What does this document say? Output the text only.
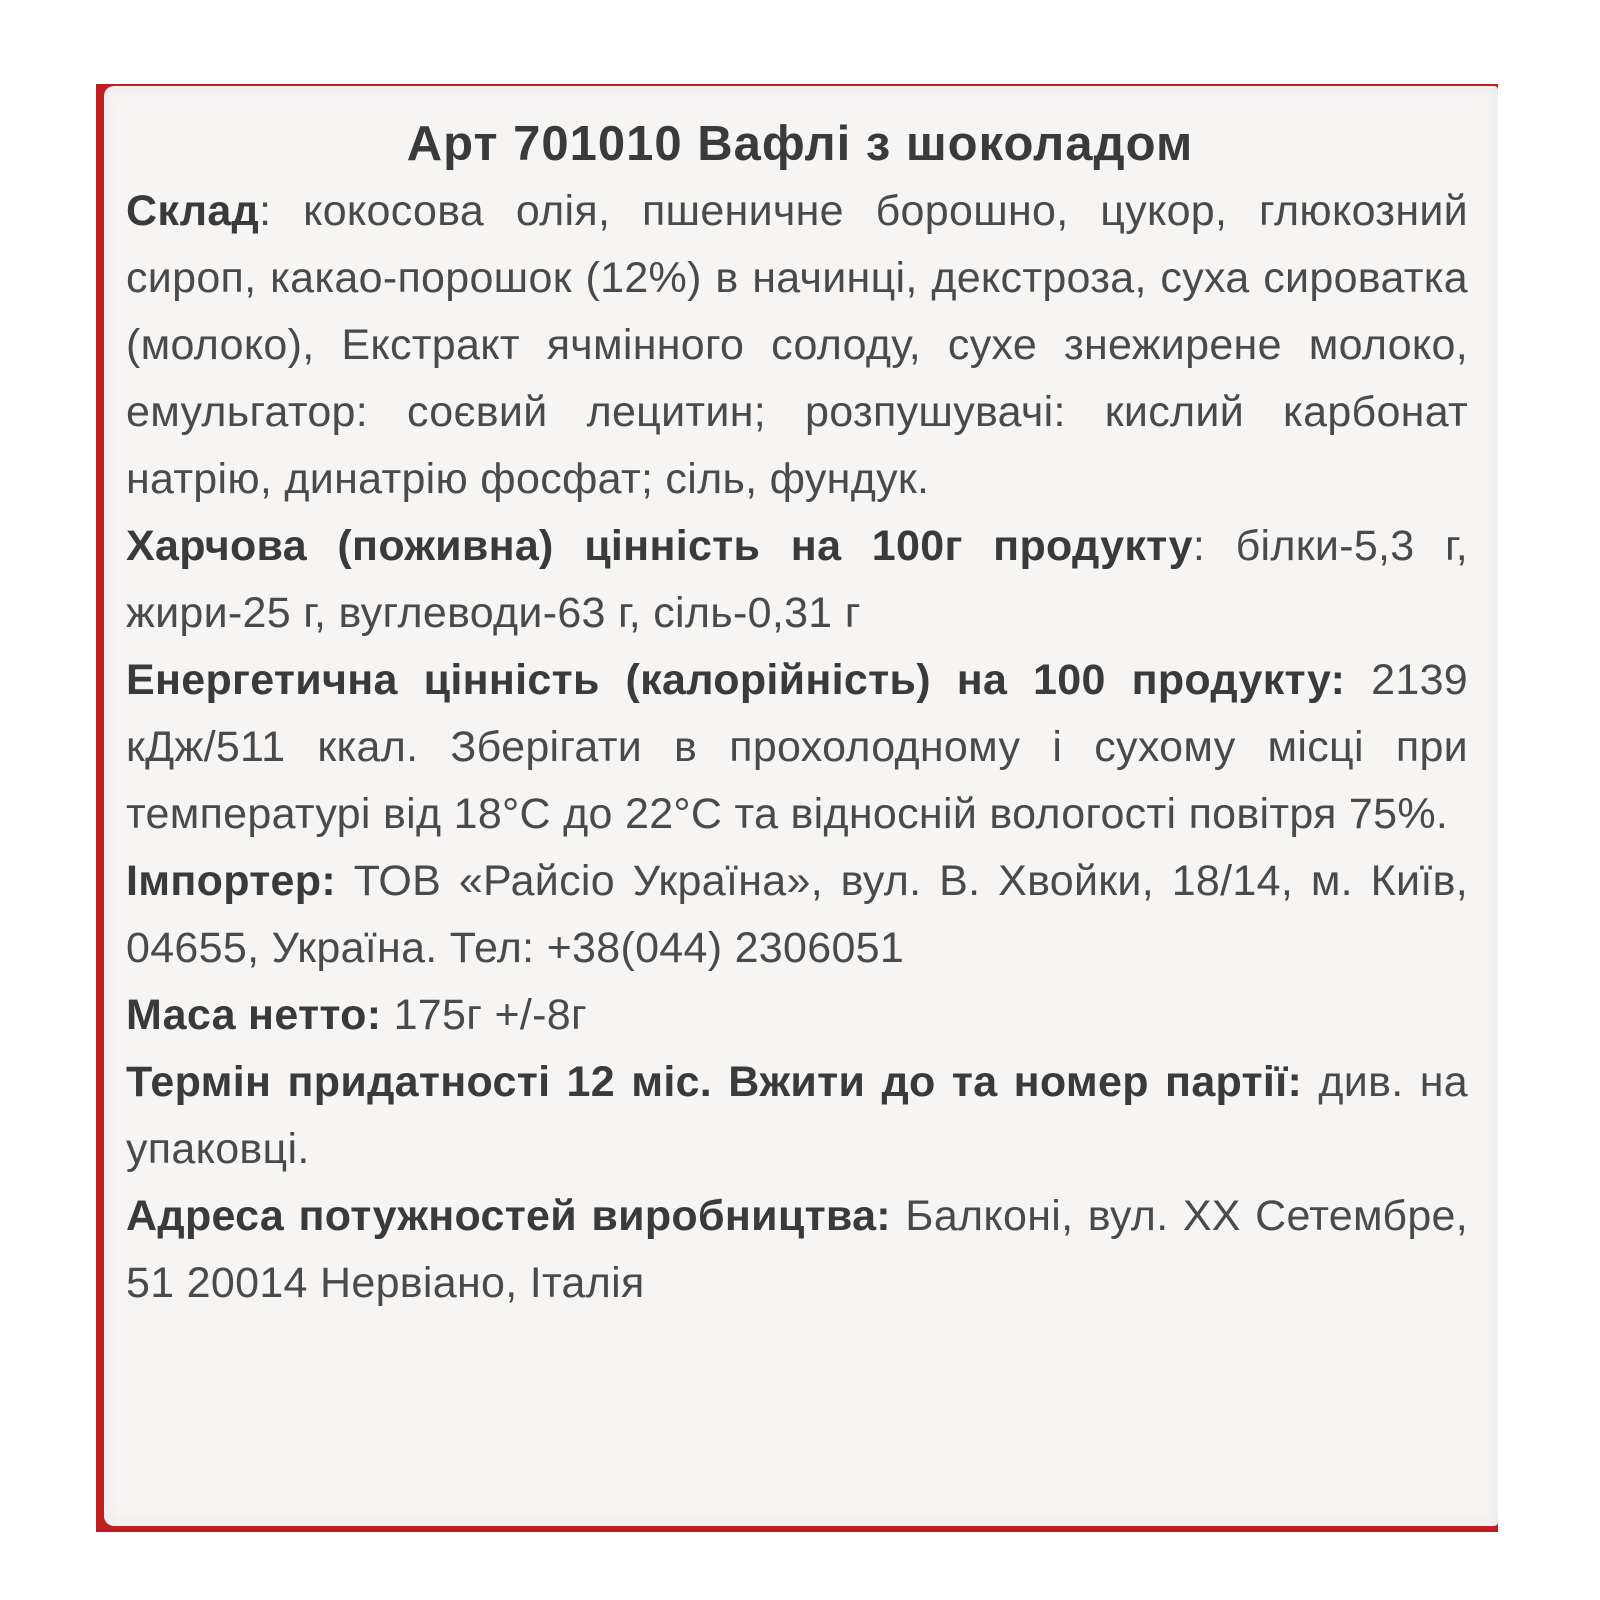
Арт 701010 Вафлі з шоколадом

Склад: кокосова олія, пшеничне борошно, цукор, глюкозний сироп, какао-порошок (12%) в начинці, декстроза, суха сироватка (молоко), Екстракт ячмінного солоду, сухе знежирене молоко, емульгатор: соєвий лецитин; розпушувачі: кислий карбонат натрію, динатрію фосфат; сіль, фундук.

Харчова (поживна) цінність на 100г продукту: білки-5,3 г, жири-25 г, вуглеводи-63 г, сіль-0,31 г

Енергетична цінність (калорійність) на 100 продукту: 2139 кДж/511 ккал. Зберігати в прохолодному і сухому місці при температурі від 18°С до 22°С та відносній вологості повітря 75%.

Імпортер: ТОВ «Райсіо Україна», вул. В. Хвойки, 18/14, м. Київ, 04655, Україна. Тел: +38(044) 2306051

Маса нетто: 175г +/-8г

Термін придатності 12 міс. Вжити до та номер партії: див. на упаковці.

Адреса потужностей виробництва: Балконі, вул. XX Сетембре, 51 20014 Нервіано, Італія
